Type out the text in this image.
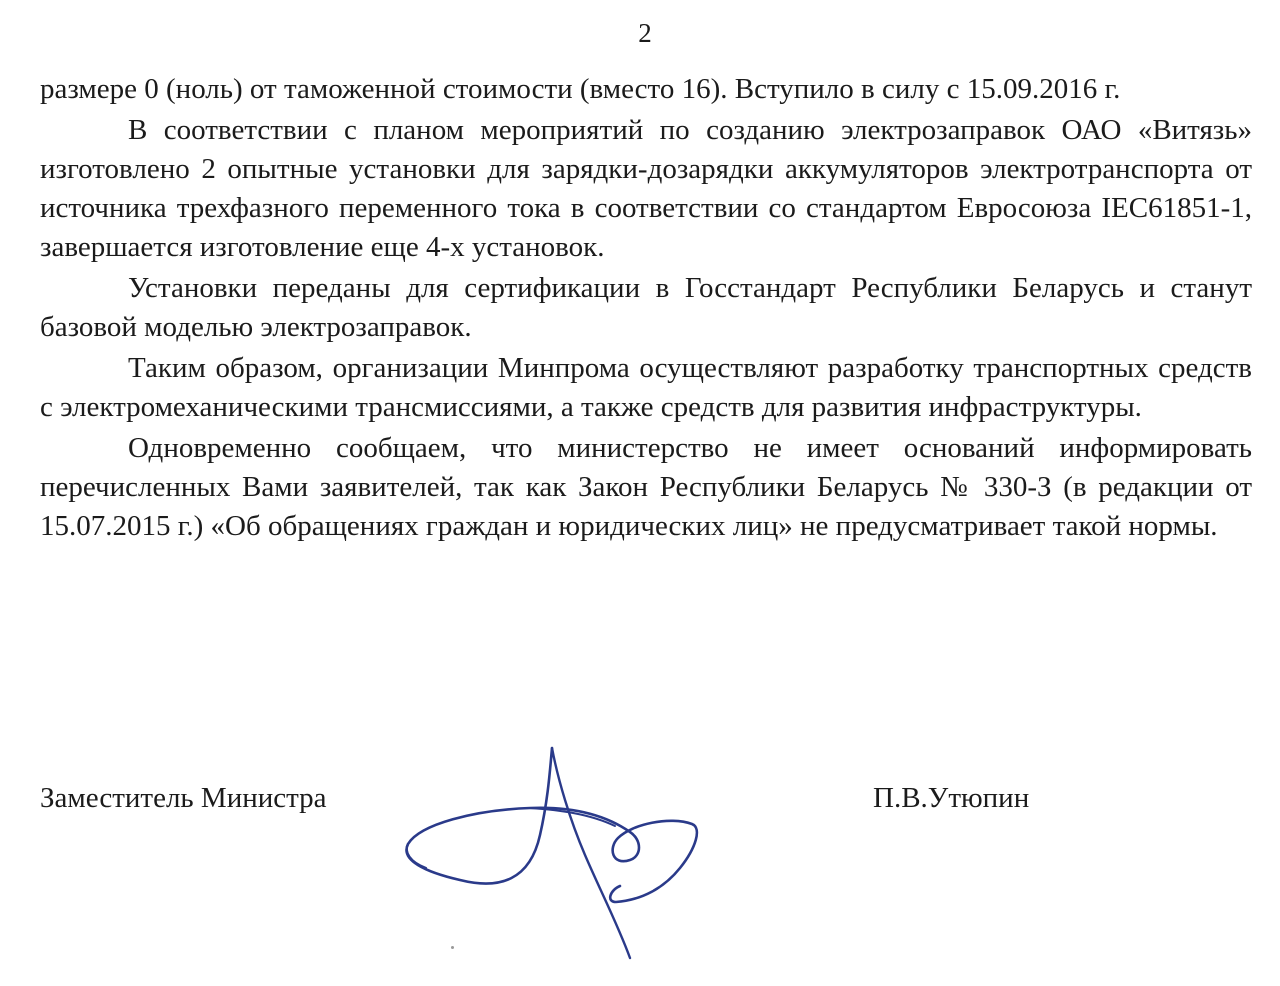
2

размере 0 (ноль) от таможенной стоимости (вместо 16). Вступило в силу с 15.09.2016 г.

В соответствии с планом мероприятий по созданию электрозаправок ОАО «Витязь» изготовлено 2 опытные установки для зарядки-дозарядки аккумуляторов электротранспорта от источника трехфазного переменного тока в соответствии со стандартом Евросоюза IEC61851-1, завершается изготовление еще 4-х установок.

Установки переданы для сертификации в Госстандарт Республики Беларусь и станут базовой моделью электрозаправок.

Таким образом, организации Минпрома осуществляют разработку транспортных средств с электромеханическими трансмиссиями, а также средств для развития инфраструктуры.

Одновременно сообщаем, что министерство не имеет оснований информировать перечисленных Вами заявителей, так как Закон Республики Беларусь № 330-З (в редакции от 15.07.2015 г.) «Об обращениях граждан и юридических лиц» не предусматривает такой нормы.

Заместитель Министра	П.В.Утюпин
